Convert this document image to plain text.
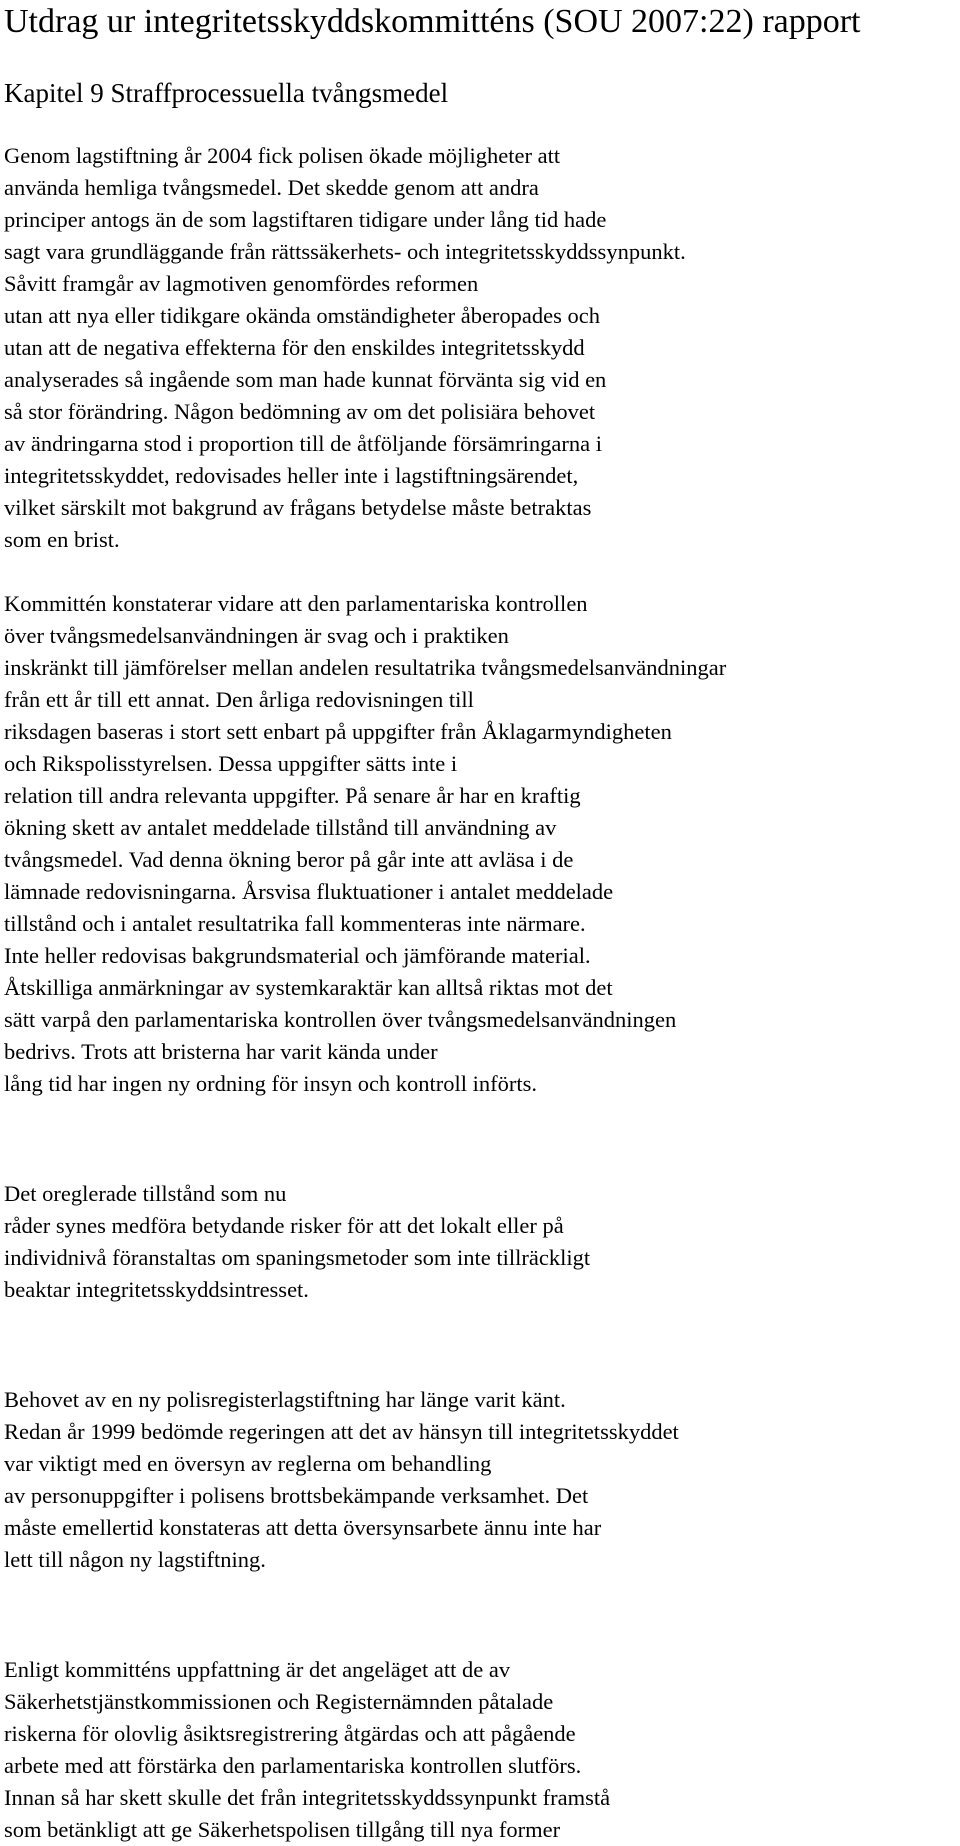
Utdrag ur integritetsskyddskommitténs (SOU 2007:22) rapport
Kapitel 9 Straffprocessuella tvångsmedel
Genom lagstiftning år 2004 fick polisen ökade möjligheter att
använda hemliga tvångsmedel. Det skedde genom att andra
principer antogs än de som lagstiftaren tidigare under lång tid hade
sagt vara grundläggande från rättssäkerhets- och integritetsskyddssynpunkt.
Såvitt framgår av lagmotiven genomfördes reformen
utan att nya eller tidikgare okända omständigheter åberopades och
utan att de negativa effekterna för den enskildes integritetsskydd
analyserades så ingående som man hade kunnat förvänta sig vid en
så stor förändring. Någon bedömning av om det polisiära behovet
av ändringarna stod i proportion till de åtföljande försämringarna i
integritetsskyddet, redovisades heller inte i lagstiftningsärendet,
vilket särskilt mot bakgrund av frågans betydelse måste betraktas
som en brist.
Kommittén konstaterar vidare att den parlamentariska kontrollen
över tvångsmedelsanvändningen är svag och i praktiken
inskränkt till jämförelser mellan andelen resultatrika tvångsmedelsanvändningar
från ett år till ett annat. Den årliga redovisningen till
riksdagen baseras i stort sett enbart på uppgifter från Åklagarmyndigheten
och Rikspolisstyrelsen. Dessa uppgifter sätts inte i
relation till andra relevanta uppgifter. På senare år har en kraftig
ökning skett av antalet meddelade tillstånd till användning av
tvångsmedel. Vad denna ökning beror på går inte att avläsa i de
lämnade redovisningarna. Årsvisa fluktuationer i antalet meddelade
tillstånd och i antalet resultatrika fall kommenteras inte närmare.
Inte heller redovisas bakgrundsmaterial och jämförande material.
Åtskilliga anmärkningar av systemkaraktär kan alltså riktas mot det
sätt varpå den parlamentariska kontrollen över tvångsmedelsanvändningen
bedrivs. Trots att bristerna har varit kända under
lång tid har ingen ny ordning för insyn och kontroll införts.
Det oreglerade tillstånd som nu
råder synes medföra betydande risker för att det lokalt eller på
individnivå föranstaltas om spaningsmetoder som inte tillräckligt
beaktar integritetsskyddsintresset.
Behovet av en ny polisregisterlagstiftning har länge varit känt.
Redan år 1999 bedömde regeringen att det av hänsyn till integritetsskyddet
var viktigt med en översyn av reglerna om behandling
av personuppgifter i polisens brottsbekämpande verksamhet. Det
måste emellertid konstateras att detta översynsarbete ännu inte har
lett till någon ny lagstiftning.
Enligt kommitténs uppfattning är det angeläget att de av
Säkerhetstjänstkommissionen och Registernämnden påtalade
riskerna för olovlig åsiktsregistrering åtgärdas och att pågående
arbete med att förstärka den parlamentariska kontrollen slutförs.
Innan så har skett skulle det från integritetsskyddssynpunkt framstå
som betänkligt att ge Säkerhetspolisen tillgång till nya former
